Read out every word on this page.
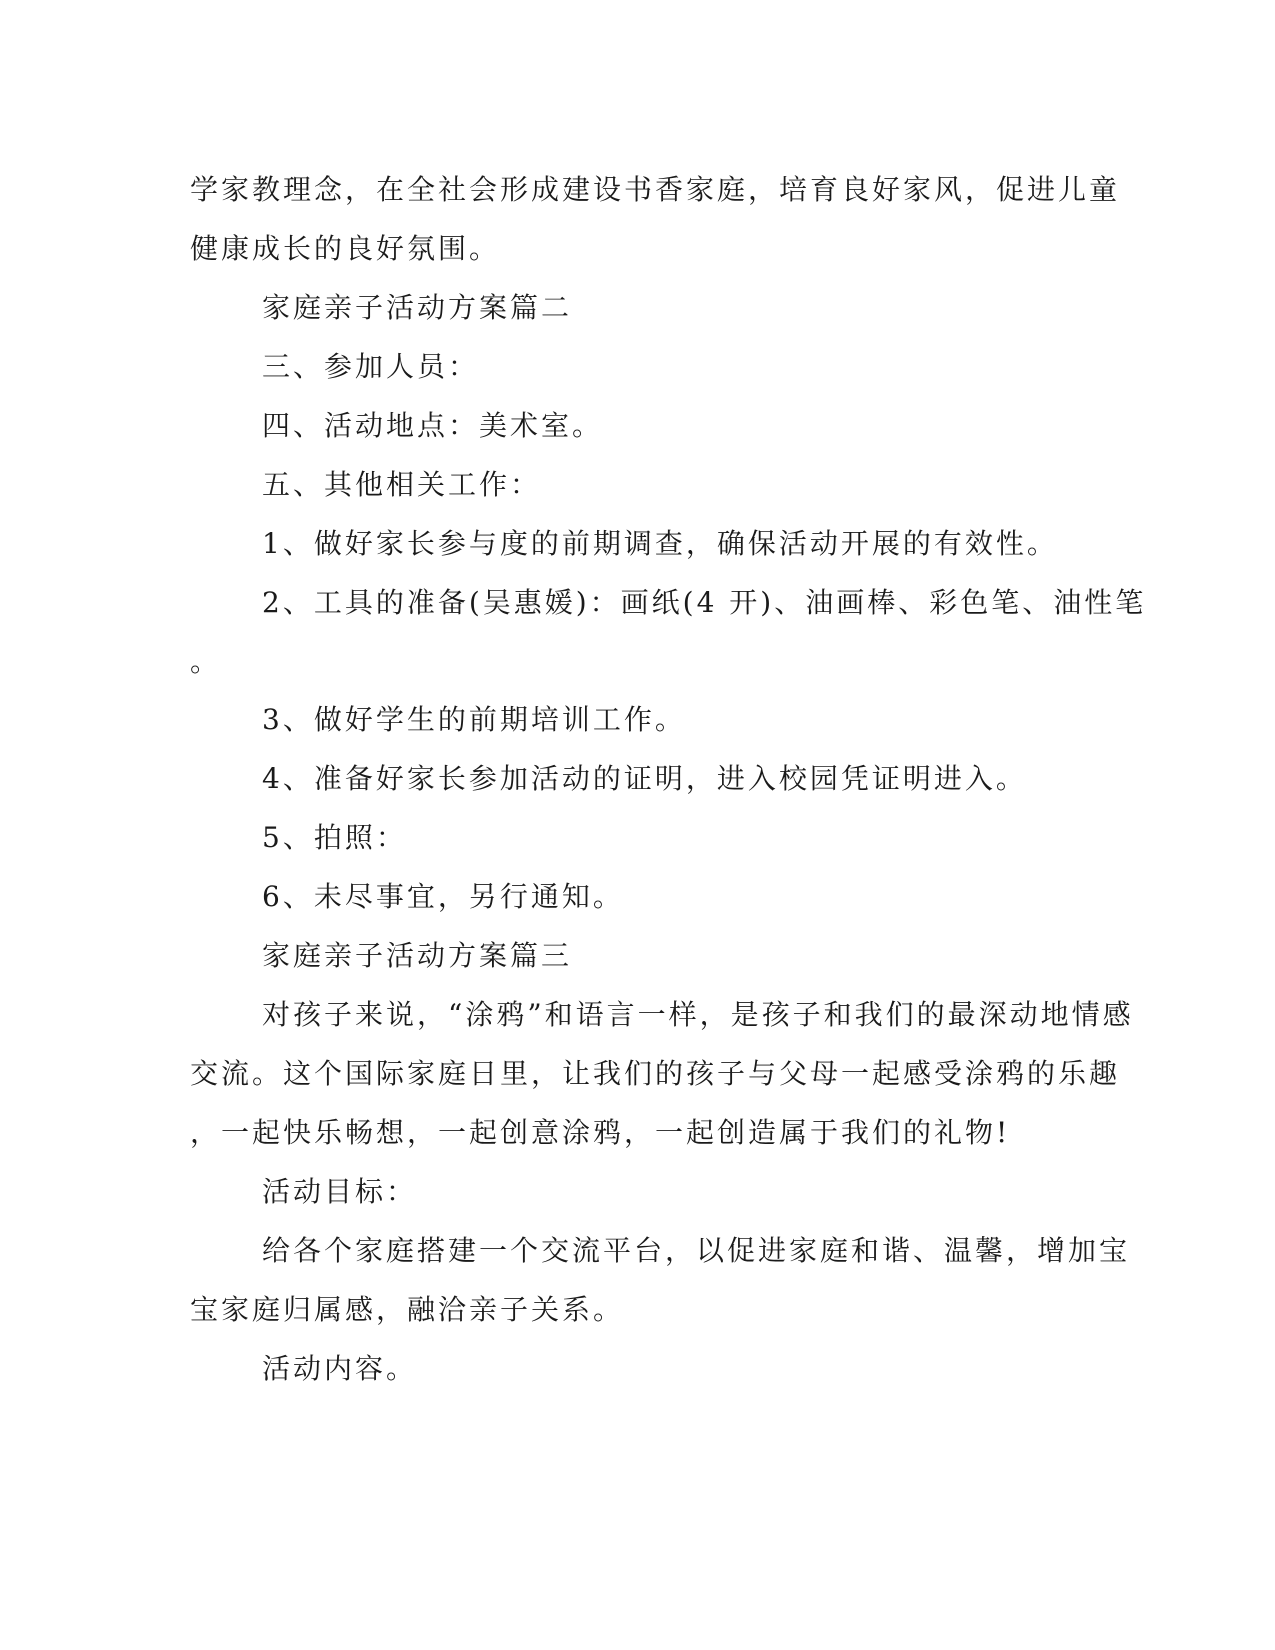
学家教理念，在全社会形成建设书香家庭，培育良好家风，促进儿童
健康成长的良好氛围。
家庭亲子活动方案篇二
三、参加人员：
四、活动地点：美术室。
五、其他相关工作：
1、做好家长参与度的前期调查，确保活动开展的有效性。
2、工具的准备(吴惠媛)：画纸(4 开)、油画棒、彩色笔、油性笔
。
3、做好学生的前期培训工作。
4、准备好家长参加活动的证明，进入校园凭证明进入。
5、拍照：
6、未尽事宜，另行通知。
家庭亲子活动方案篇三
对孩子来说，“涂鸦”和语言一样，是孩子和我们的最深动地情感
交流。这个国际家庭日里，让我们的孩子与父母一起感受涂鸦的乐趣
，一起快乐畅想，一起创意涂鸦，一起创造属于我们的礼物!
活动目标：
给各个家庭搭建一个交流平台，以促进家庭和谐、温馨，增加宝
宝家庭归属感，融洽亲子关系。
活动内容。
